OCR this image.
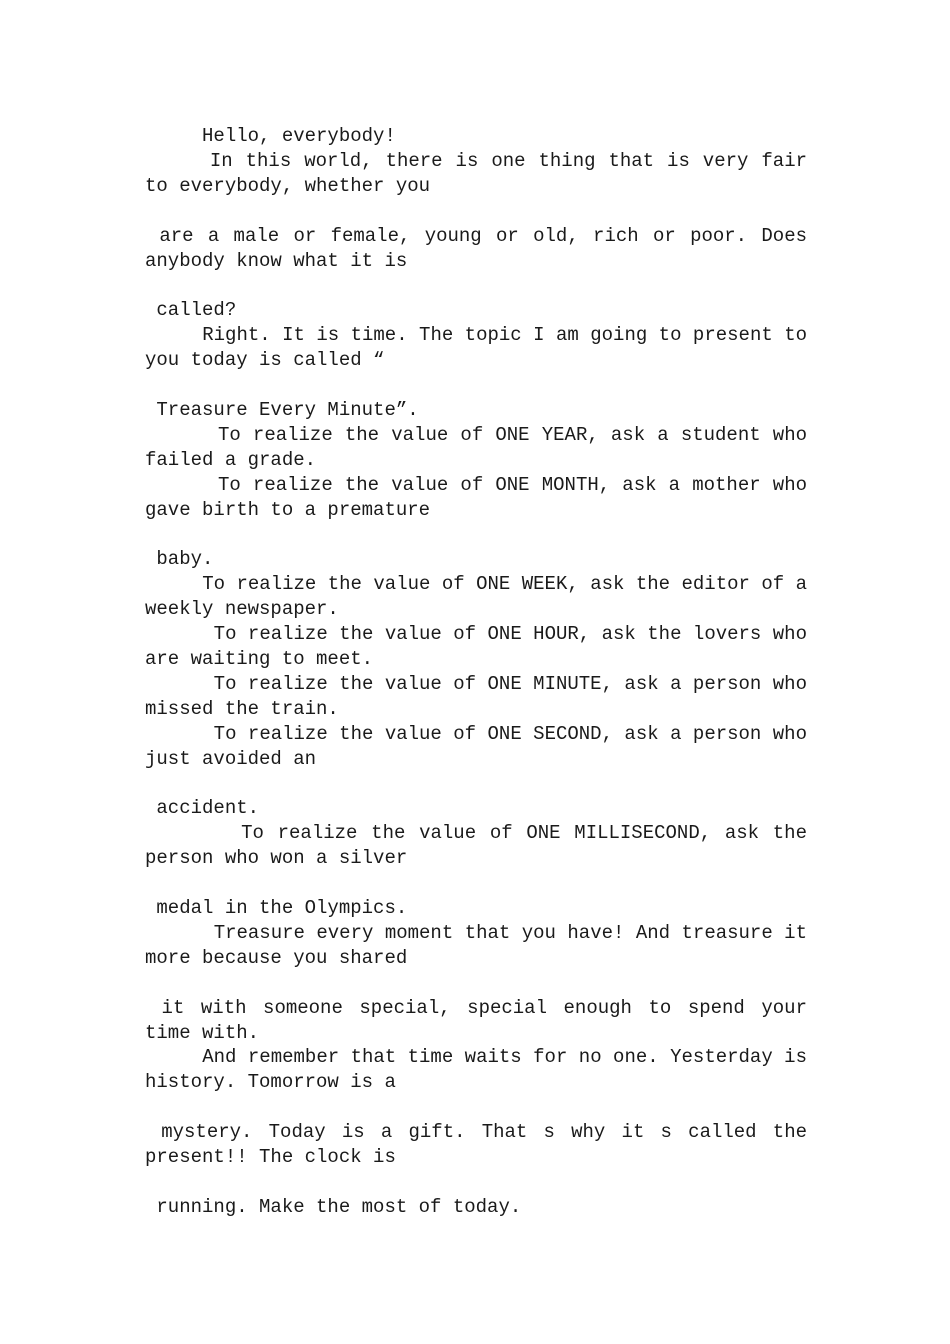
Hello, everybody!

In this world, there is one thing that is very fair to everybody, whether you

are a male or female, young or old, rich or poor. Does anybody know what it is

called?

Right. It is time. The topic I am going to present to you today is called “

Treasure Every Minute”.

To realize the value of ONE YEAR, ask a student who failed a grade.

To realize the value of ONE MONTH, ask a mother who gave birth to a premature

baby.

To realize the value of ONE WEEK, ask the editor of a weekly newspaper.

To realize the value of ONE HOUR, ask the lovers who are waiting to meet.

To realize the value of ONE MINUTE, ask a person who missed the train.

To realize the value of ONE SECOND, ask a person who just avoided an

accident.

To realize the value of ONE MILLISECOND, ask the person who won a silver

medal in the Olympics.

Treasure every moment that you have! And treasure it more because you shared

it with someone special, special enough to spend your time with.

And remember that time waits for no one. Yesterday is history. Tomorrow is a

mystery. Today is a gift. That s why it s called the present!! The clock is

running. Make the most of today.
